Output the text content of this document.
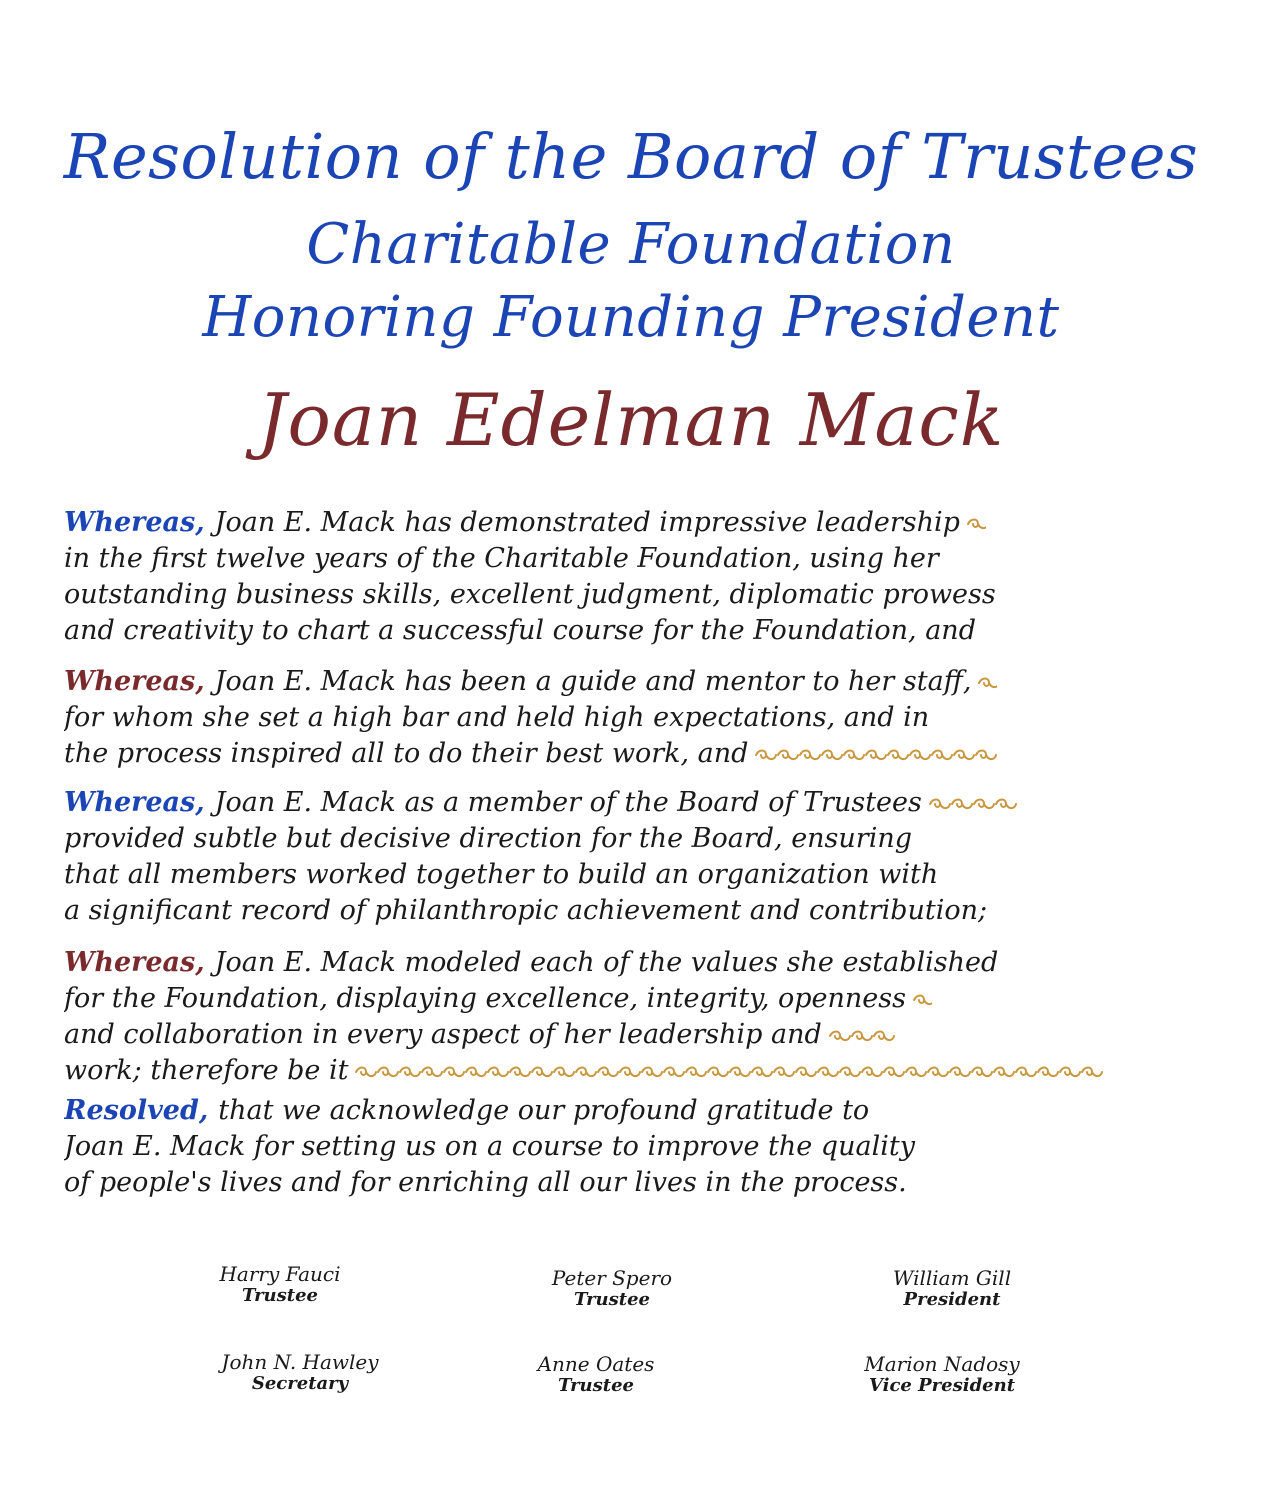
Resolution of the Board of Trustees
Charitable Foundation
Honoring Founding President
Joan Edelman Mack
Whereas, Joan E. Mack has demonstrated impressive leadership
in the first twelve years of the Charitable Foundation, using her
outstanding business skills, excellent judgment, diplomatic prowess
and creativity to chart a successful course for the Foundation, and
Whereas, Joan E. Mack has been a guide and mentor to her staff,
for whom she set a high bar and held high expectations, and in
the process inspired all to do their best work, and
Whereas, Joan E. Mack as a member of the Board of Trustees
provided subtle but decisive direction for the Board, ensuring
that all members worked together to build an organization with
a significant record of philanthropic achievement and contribution;
Whereas, Joan E. Mack modeled each of the values she established
for the Foundation, displaying excellence, integrity, openness
and collaboration in every aspect of her leadership and
work; therefore be it
Resolved, that we acknowledge our profound gratitude to
Joan E. Mack for setting us on a course to improve the quality
of people's lives and for enriching all our lives in the process.
Harry Fauci
Trustee
Peter Spero
Trustee
William Gill
President
John N. Hawley
Secretary
Anne Oates
Trustee
Marion Nadosy
Vice President
